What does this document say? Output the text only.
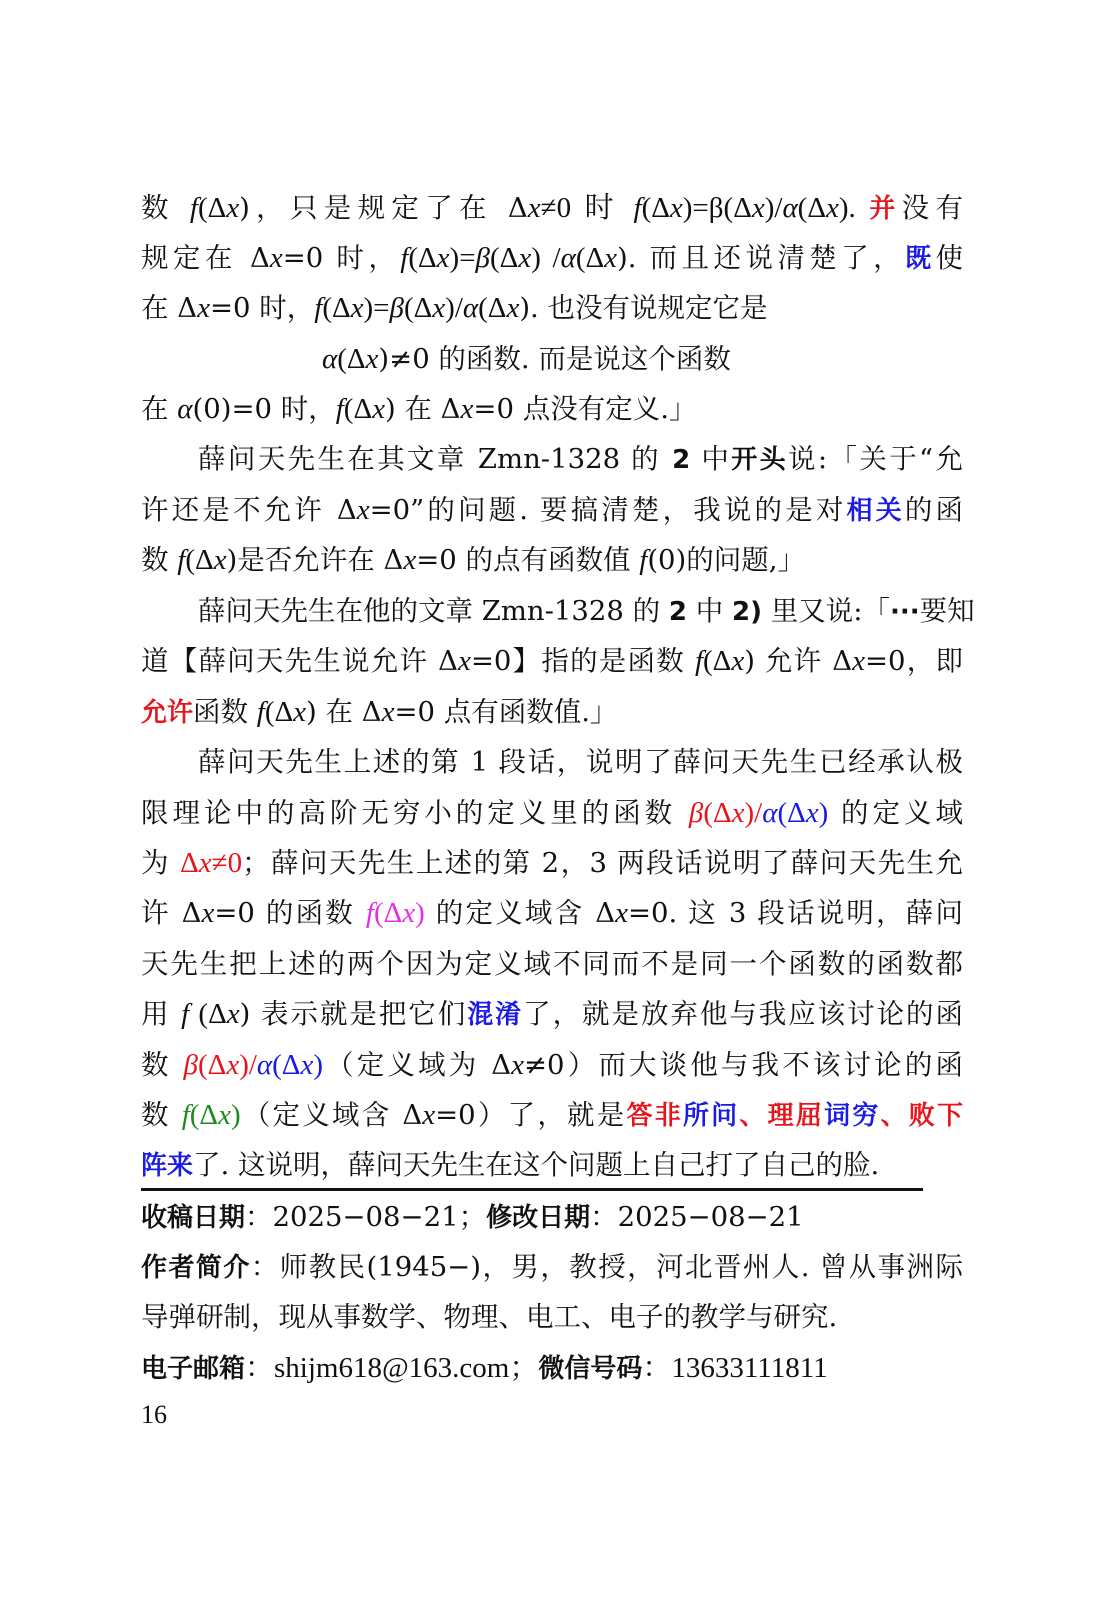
数 f(Δx)，只是规定了在 Δx≠0 时 f(Δx)=β(Δx)/α(Δx). 并没有
规定在 Δx=0 时，f(Δx)=β(Δx) /α(Δx). 而且还说清楚了，既使
在 Δx=0 时，f(Δx)=β(Δx)/α(Δx). 也没有说规定它是
α(Δx)≠0 的函数. 而是说这个函数
在 α(0)=0 时，f(Δx) 在 Δx=0 点没有定义.」
薛问天先生在其文章 Zmn-1328 的 2 中开头说:「关于“允
许还是不允许 Δx=0”的问题. 要搞清楚，我说的是对相关的函
数 f(Δx)是否允许在 Δx=0 的点有函数值 f(0)的问题,」
薛问天先生在他的文章 Zmn-1328 的 2 中 2) 里又说:「···要知
道【薛问天先生说允许 Δx=0】指的是函数 f(Δx) 允许 Δx=0，即
允许函数 f(Δx) 在 Δx=0 点有函数值.」
薛问天先生上述的第 1 段话，说明了薛问天先生已经承认极
限理论中的高阶无穷小的定义里的函数 β(Δx)/α(Δx) 的定义域
为 Δx≠0；薛问天先生上述的第 2，3 两段话说明了薛问天先生允
许 Δx=0 的函数 f(Δx) 的定义域含 Δx=0. 这 3 段话说明，薛问
天先生把上述的两个因为定义域不同而不是同一个函数的函数都
用 f (Δx) 表示就是把它们混淆了，就是放弃他与我应该讨论的函
数 β(Δx)/α(Δx)（定义域为 Δx≠0）而大谈他与我不该讨论的函
数 f(Δx)（定义域含 Δx=0）了，就是答非所问、理屈词穷、败下
阵来了. 这说明，薛问天先生在这个问题上自己打了自己的脸.
收稿日期：2025−08−21；修改日期：2025−08−21
作者简介：师教民(1945−)，男，教授，河北晋州人. 曾从事洲际
导弹研制，现从事数学、物理、电工、电子的教学与研究.
电子邮箱：shijm618@163.com；微信号码：13633111811
16
